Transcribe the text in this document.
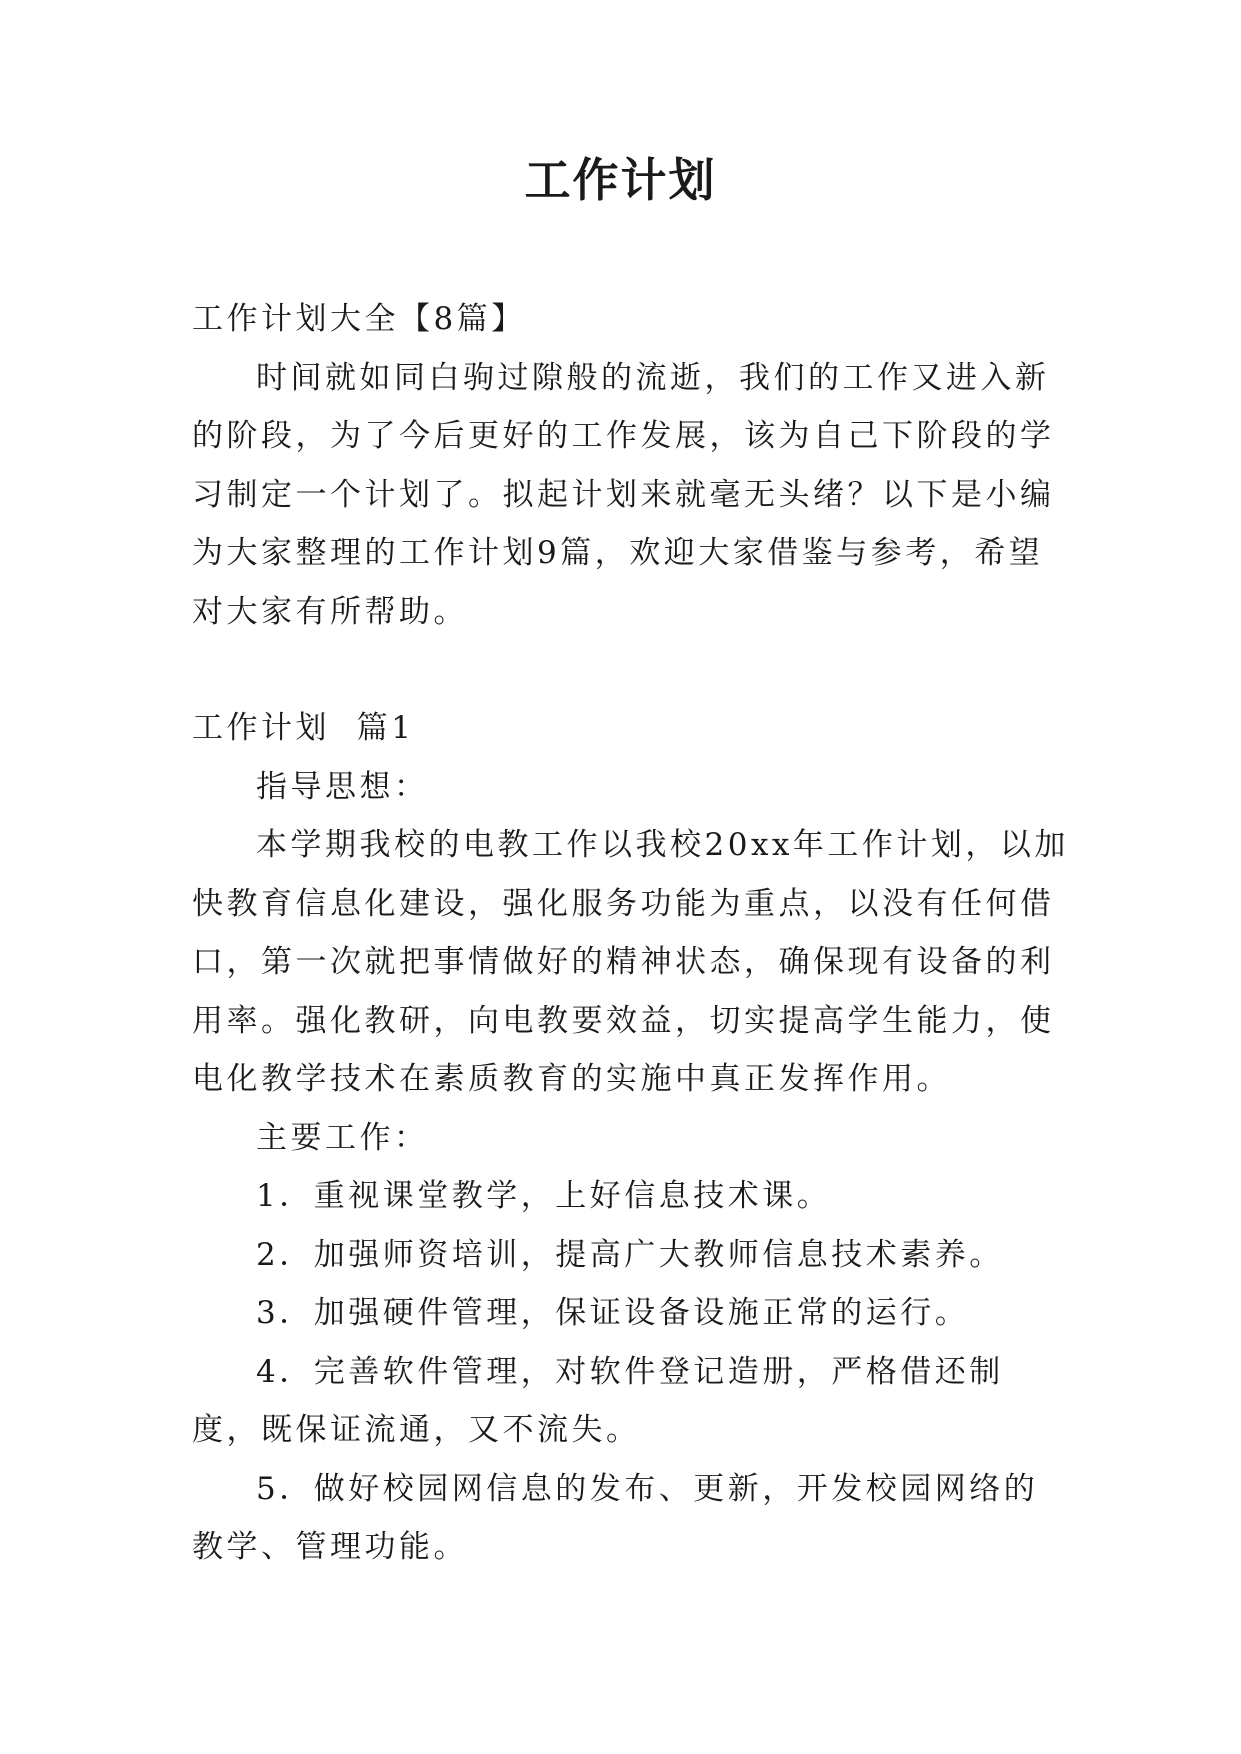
工作计划

工作计划大全【8篇】

时间就如同白驹过隙般的流逝，我们的工作又进入新的阶段，为了今后更好的工作发展，该为自己下阶段的学习制定一个计划了。拟起计划来就毫无头绪？以下是小编为大家整理的工作计划9篇，欢迎大家借鉴与参考，希望对大家有所帮助。

工作计划  篇1

指导思想：

本学期我校的电教工作以我校20xx年工作计划，以加快教育信息化建设，强化服务功能为重点，以没有任何借口，第一次就把事情做好的精神状态，确保现有设备的利用率。强化教研，向电教要效益，切实提高学生能力，使电化教学技术在素质教育的实施中真正发挥作用。

主要工作：

1．重视课堂教学，上好信息技术课。

2．加强师资培训，提高广大教师信息技术素养。

3．加强硬件管理，保证设备设施正常的运行。

4．完善软件管理，对软件登记造册，严格借还制度，既保证流通，又不流失。

5．做好校园网信息的发布、更新，开发校园网络的教学、管理功能。
